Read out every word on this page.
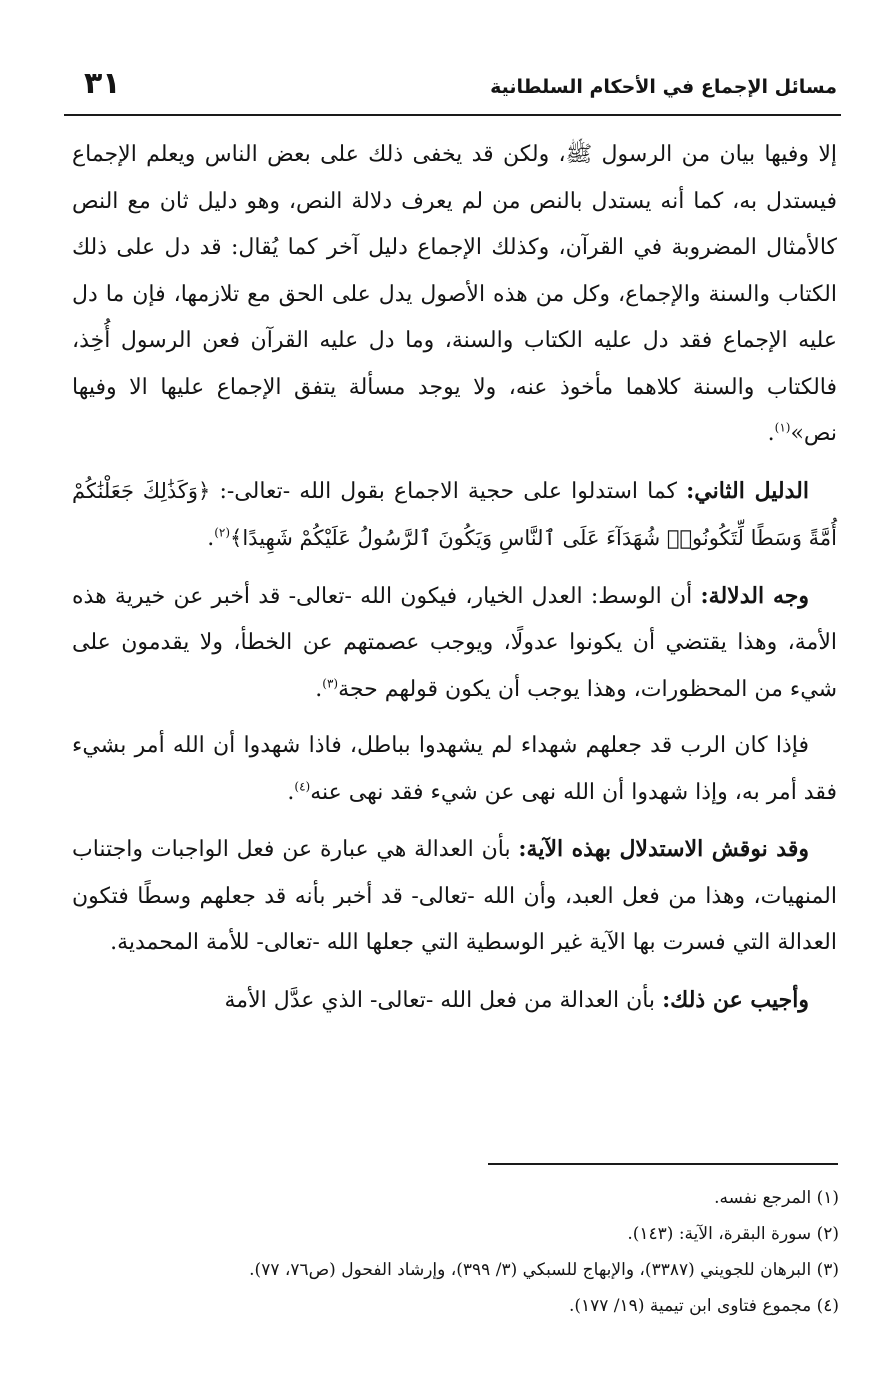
مسائل الإجماع في الأحكام السلطانية
٣١

إلا وفيها بيان من الرسول ﷺ، ولكن قد يخفى ذلك على بعض الناس ويعلم الإجماع فيستدل به، كما أنه يستدل بالنص من لم يعرف دلالة النص، وهو دليل ثان مع النص كالأمثال المضروبة في القرآن، وكذلك الإجماع دليل آخر كما يُقال: قد دل على ذلك الكتاب والسنة والإجماع، وكل من هذه الأصول يدل على الحق مع تلازمها، فإن ما دل عليه الإجماع فقد دل عليه الكتاب والسنة، وما دل عليه القرآن فعن الرسول أُخِذ، فالكتاب والسنة كلاهما مأخوذ عنه، ولا يوجد مسألة يتفق الإجماع عليها الا وفيها نص»$^{(١)}$.

الدليل الثاني: كما استدلوا على حجية الاجماع بقول الله -تعالى-: ﴿وَكَذَٰلِكَ جَعَلْنَٰكُمْ أُمَّةً وَسَطًا لِّتَكُونُوا۟ شُهَدَآءَ عَلَى ٱلنَّاسِ وَيَكُونَ ٱلرَّسُولُ عَلَيْكُمْ شَهِيدًا﴾$^{(٢)}$.

وجه الدلالة: أن الوسط: العدل الخيار، فيكون الله -تعالى- قد أخبر عن خيرية هذه الأمة، وهذا يقتضي أن يكونوا عدولًا، ويوجب عصمتهم عن الخطأ، ولا يقدمون على شيء من المحظورات، وهذا يوجب أن يكون قولهم حجة$^{(٣)}$.

فإذا كان الرب قد جعلهم شهداء لم يشهدوا بباطل، فاذا شهدوا أن الله أمر بشيء فقد أمر به، وإذا شهدوا أن الله نهى عن شيء فقد نهى عنه$^{(٤)}$.

وقد نوقش الاستدلال بهذه الآية: بأن العدالة هي عبارة عن فعل الواجبات واجتناب المنهيات، وهذا من فعل العبد، وأن الله -تعالى- قد أخبر بأنه قد جعلهم وسطًا فتكون العدالة التي فسرت بها الآية غير الوسطية التي جعلها الله -تعالى- للأمة المحمدية.

وأجيب عن ذلك: بأن العدالة من فعل الله -تعالى- الذي عدَّل الأمة

(١) المرجع نفسه.
(٢) سورة البقرة، الآية: (١٤٣).
(٣) البرهان للجويني (٣٣٨٧)، والإبهاج للسبكي (٣/ ٣٩٩)، وإرشاد الفحول (ص٧٦، ٧٧).
(٤) مجموع فتاوى ابن تيمية (١٩/ ١٧٧).
